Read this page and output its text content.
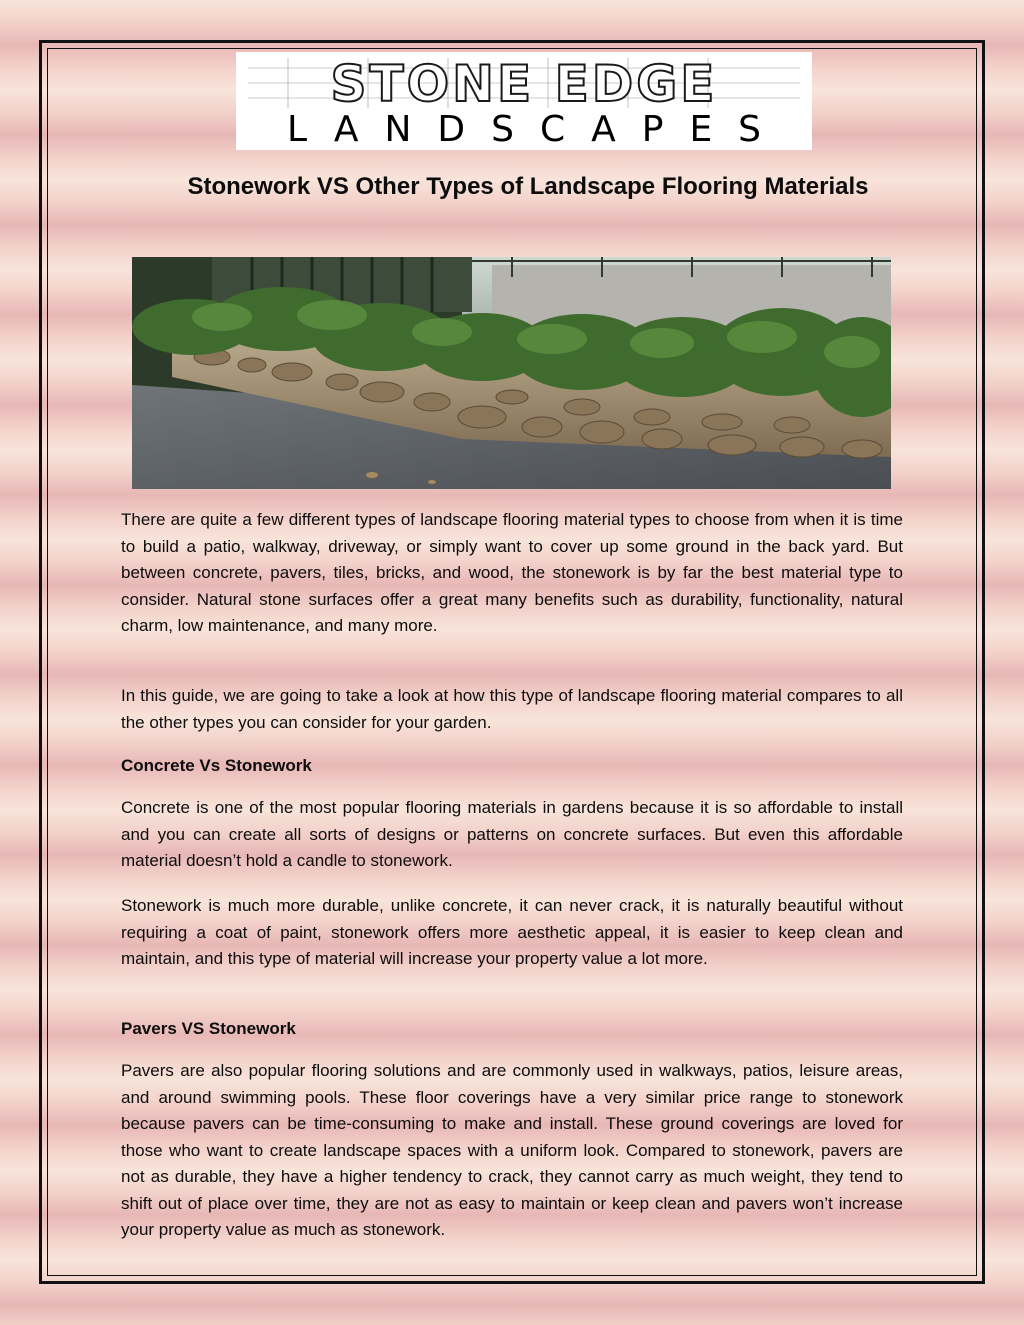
STONE EDGE
LANDSCAPES
Stonework VS Other Types of Landscape Flooring Materials

There are quite a few different types of landscape flooring material types to choose from when it is time to build a patio, walkway, driveway, or simply want to cover up some ground in the back yard. But between concrete, pavers, tiles, bricks, and wood, the stonework is by far the best material type to consider. Natural stone surfaces offer a great many benefits such as durability, functionality, natural charm, low maintenance, and many more.

In this guide, we are going to take a look at how this type of landscape flooring material compares to all the other types you can consider for your garden.

Concrete Vs Stonework

Concrete is one of the most popular flooring materials in gardens because it is so affordable to install and you can create all sorts of designs or patterns on concrete surfaces. But even this affordable material doesn’t hold a candle to stonework.

Stonework is much more durable, unlike concrete, it can never crack, it is naturally beautiful without requiring a coat of paint, stonework offers more aesthetic appeal, it is easier to keep clean and maintain, and this type of material will increase your property value a lot more.

Pavers VS Stonework

Pavers are also popular flooring solutions and are commonly used in walkways, patios, leisure areas, and around swimming pools. These floor coverings have a very similar price range to stonework because pavers can be time-consuming to make and install. These ground coverings are loved for those who want to create landscape spaces with a uniform look. Compared to stonework, pavers are not as durable, they have a higher tendency to crack, they cannot carry as much weight, they tend to shift out of place over time, they are not as easy to maintain or keep clean and pavers won’t increase your property value as much as stonework.
